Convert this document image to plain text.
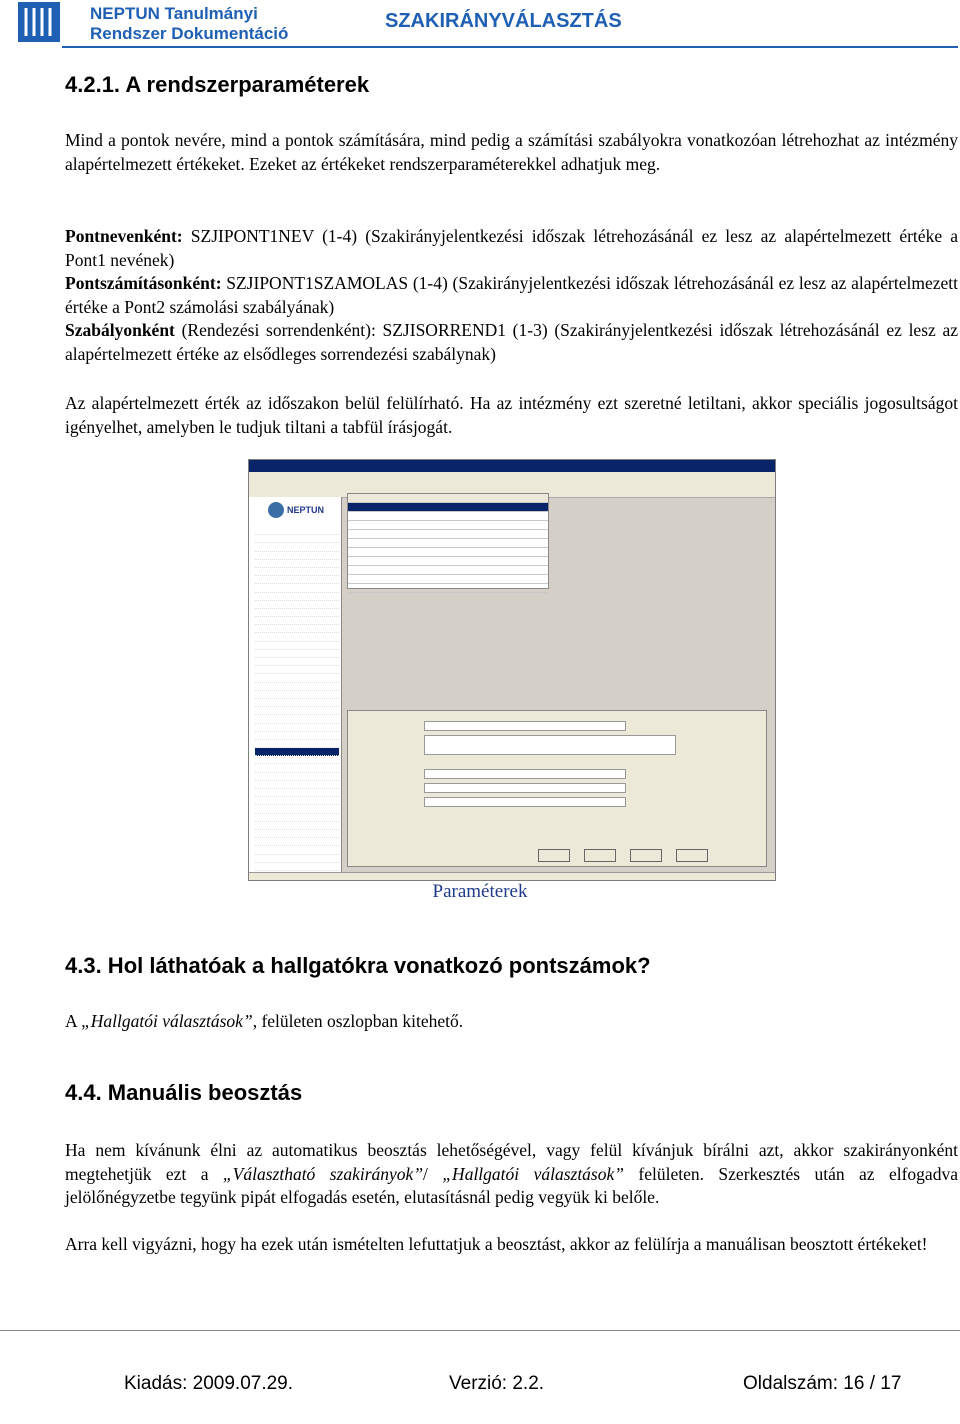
NEPTUN Tanulmányi
Rendszer Dokumentáció
SZAKIRÁNYVÁLASZTÁS
4.2.1. A rendszerparaméterek

Mind a pontok nevére, mind a pontok számítására, mind pedig a számítási szabályokra vonatkozóan létrehozhat az intézmény alapértelmezett értékeket. Ezeket az értékeket rendszerparaméterekkel adhatjuk meg.

Pontnevenként: SZJIPONT1NEV (1-4) (Szakirányjelentkezési időszak létrehozásánál ez lesz az alapértelmezett értéke a Pont1 nevének)
Pontszámításonként: SZJIPONT1SZAMOLAS (1-4) (Szakirányjelentkezési időszak létrehozásánál ez lesz az alapértelmezett értéke a Pont2 számolási szabályának)
Szabályonként (Rendezési sorrendenként): SZJISORREND1 (1-3) (Szakirányjelentkezési időszak létrehozásánál ez lesz az alapértelmezett értéke az elsődleges sorrendezési szabálynak)

Az alapértelmezett érték az időszakon belül felülírható. Ha az intézmény ezt szeretné letiltani, akkor speciális jogosultságot igényelhet, amelyben le tudjuk tiltani a tabfül írásjogát.

NEPTUN
Paraméterek
4.3. Hol láthatóak a hallgatókra vonatkozó pontszámok?

A „Hallgatói választások”, felületen oszlopban kitehető.

4.4. Manuális beosztás

Ha nem kívánunk élni az automatikus beosztás lehetőségével, vagy felül kívánjuk bírálni azt, akkor szakirányonként megtehetjük ezt a „Választható szakirányok”/ „Hallgatói választások” felületen. Szerkesztés után az elfogadva jelölőnégyzetbe tegyünk pipát elfogadás esetén, elutasításnál pedig vegyük ki belőle.

Arra kell vigyázni, hogy ha ezek után ismételten lefuttatjuk a beosztást, akkor az felülírja a manuálisan beosztott értékeket!

Kiadás: 2009.07.29.	Verzió: 2.2.	Oldalszám: 16 / 17
